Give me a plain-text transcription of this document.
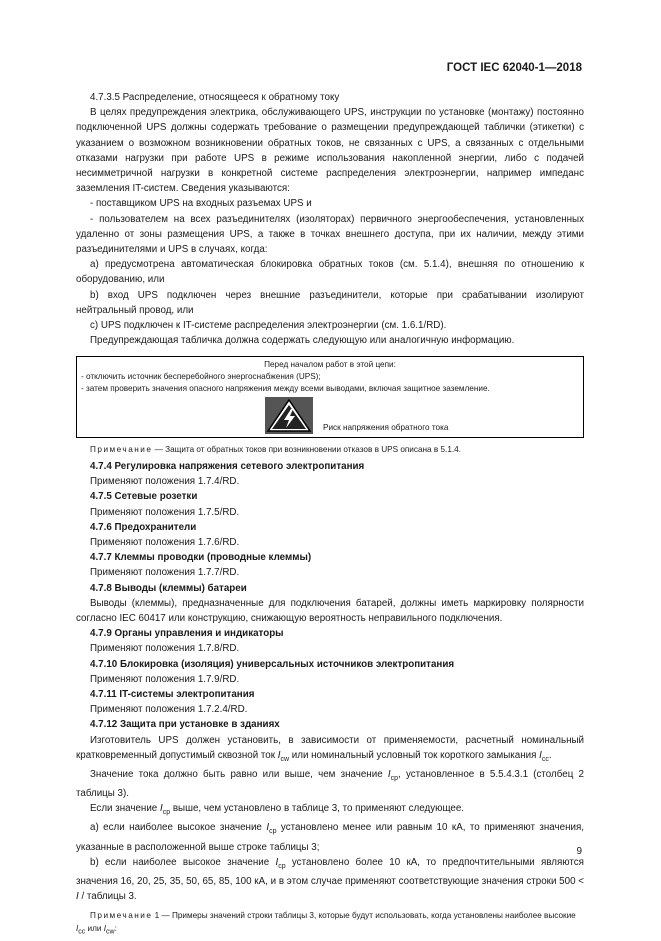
ГОСТ IEC 62040-1—2018

4.7.3.5 Распределение, относящееся к обратному току

В целях предупреждения электрика, обслуживающего UPS, инструкции по установке (монтажу) постоянно подключенной UPS должны содержать требование о размещении предупреждающей таблички (этикетки) с указанием о возможном возникновении обратных токов, не связанных с UPS, а связанных с отдельными отказами нагрузки при работе UPS в режиме использования накопленной энергии, либо с подачей несимметричной нагрузки в конкретной системе распределения электроэнергии, например импеданс заземления IT-систем. Сведения указываются:

- поставщиком UPS на входных разъемах UPS и

- пользователем на всех разъединителях (изоляторах) первичного энергообеспечения, установленных удаленно от зоны размещения UPS, а также в точках внешнего доступа, при их наличии, между этими разъединителями и UPS в случаях, когда:

а) предусмотрена автоматическая блокировка обратных токов (см. 5.1.4), внешняя по отношению к оборудованию, или

b) вход UPS подключен через внешние разъединители, которые при срабатывании изолируют нейтральный провод, или

c) UPS подключен к IT-системе распределения электроэнергии (см. 1.6.1/RD).

Предупреждающая табличка должна содержать следующую или аналогичную информацию.

Перед началом работ в этой цепи:
- отключить источник бесперебойного энергоснабжения (UPS);
- затем проверить значения опасного напряжения между всеми выводами, включая защитное заземление.
Риск напряжения обратного тока

Примечание — Защита от обратных токов при возникновении отказов в UPS описана в 5.1.4.

4.7.4 Регулировка напряжения сетевого электропитания

Применяют положения 1.7.4/RD.

4.7.5 Сетевые розетки

Применяют положения 1.7.5/RD.

4.7.6 Предохранители

Применяют положения 1.7.6/RD.

4.7.7 Клеммы проводки (проводные клеммы)

Применяют положения 1.7.7/RD.

4.7.8 Выводы (клеммы) батареи

Выводы (клеммы), предназначенные для подключения батарей, должны иметь маркировку полярности согласно IEC 60417 или конструкцию, снижающую вероятность неправильного подключения.

4.7.9 Органы управления и индикаторы

Применяют положения 1.7.8/RD.

4.7.10 Блокировка (изоляция) универсальных источников электропитания

Применяют положения 1.7.9/RD.

4.7.11 IT-системы электропитания

Применяют положения 1.7.2.4/RD.

4.7.12 Защита при установке в зданиях

Изготовитель UPS должен установить, в зависимости от применяемости, расчетный номинальный кратковременный допустимый сквозной ток $I_{cw}$ или номинальный условный ток короткого замыкания $I_{cc}$.

Значение тока должно быть равно или выше, чем значение $I_{cp}$, установленное в 5.5.4.3.1 (столбец 2 таблицы 3).

Если значение $I_{cp}$ выше, чем установлено в таблице 3, то применяют следующее.

а) если наиболее высокое значение $I_{cp}$ установлено менее или равным 10 кА, то применяют значения, указанные в расположенной выше строке таблицы 3;

b) если наиболее высокое значение $I_{cp}$ установлено более 10 кА, то предпочтительными являются значения 16, 20, 25, 35, 50, 65, 85, 100 кА, и в этом случае применяют соответствующие значения строки 500 < I / таблицы 3.

Примечание 1 — Примеры значений строки таблицы 3, которые будут использовать, когда установлены наиболее высокие $I_{cc}$ или $I_{cw}$:

9
